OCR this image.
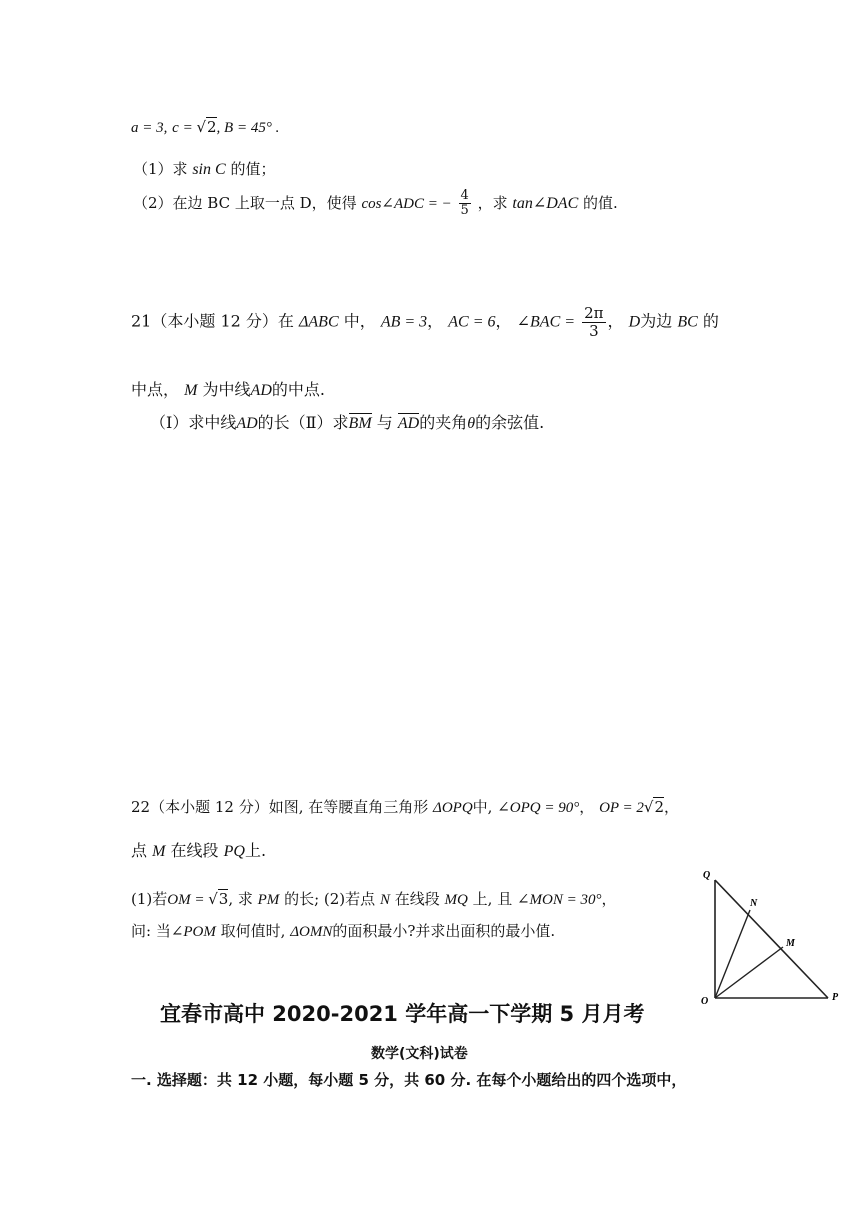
a = 3, c = √2, B = 45° .
（1）求 sin C 的值；
（2）在边 BC 上取一点 D，使得 cos∠ADC = − $\frac{4}{5}$ ，求 tan∠DAC 的值.
21（本小题 12 分）在 ΔABC 中， AB = 3， AC = 6， ∠BAC = $\frac{2\pi}{3}$ ， D为边 BC 的
中点， M 为中线AD的中点.
（Ⅰ）求中线AD的长（Ⅱ）求BM 与 AD的夹角θ的余弦值.
22（本小题 12 分）如图, 在等腰直角三角形 ΔOPQ中, ∠OPQ = 90°， OP = 2√2，
点 M 在线段 PQ上.
(1)若OM = √3, 求 PM 的长; (2)若点 N 在线段 MQ 上, 且 ∠MON = 30°，
问: 当∠POM 取何值时, ΔOMN的面积最小?并求出面积的最小值.
Q
N
M
O	P
宜春市高中 2020-2021 学年高一下学期 5 月月考
数学(文科)试卷
一. 选择题：共 12 小题，每小题 5 分，共 60 分. 在每个小题给出的四个选项中，
